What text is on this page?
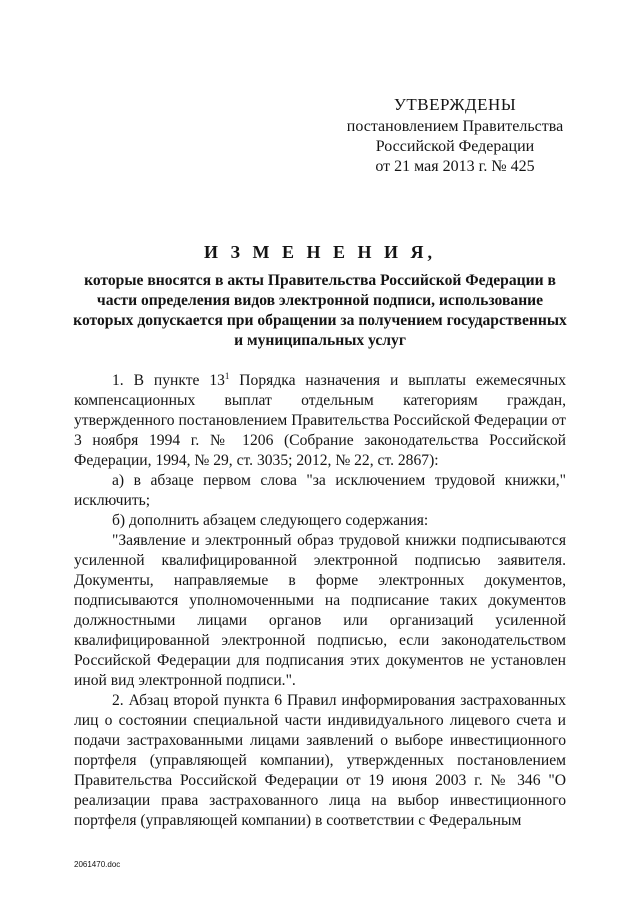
УТВЕРЖДЕНЫ
постановлением Правительства
Российской Федерации
от 21 мая 2013 г. № 425
И З М Е Н Е Н И Я,
которые вносятся в акты Правительства Российской Федерации в части определения видов электронной подписи, использование которых допускается при обращении за получением государственных и муниципальных услуг

1. В пункте $13^1$ Порядка назначения и выплаты ежемесячных компенсационных выплат отдельным категориям граждан, утвержденного постановлением Правительства Российской Федерации от 3 ноября 1994 г. № 1206 (Собрание законодательства Российской Федерации, 1994, № 29, ст. 3035; 2012, № 22, ст. 2867):

а) в абзаце первом слова "за исключением трудовой книжки," исключить;

б) дополнить абзацем следующего содержания:

"Заявление и электронный образ трудовой книжки подписываются усиленной квалифицированной электронной подписью заявителя. Документы, направляемые в форме электронных документов, подписываются уполномоченными на подписание таких документов должностными лицами органов или организаций усиленной квалифицированной электронной подписью, если законодательством Российской Федерации для подписания этих документов не установлен иной вид электронной подписи.".

2. Абзац второй пункта 6 Правил информирования застрахованных лиц о состоянии специальной части индивидуального лицевого счета и подачи застрахованными лицами заявлений о выборе инвестиционного портфеля (управляющей компании), утвержденных постановлением Правительства Российской Федерации от 19 июня 2003 г. № 346 "О реализации права застрахованного лица на выбор инвестиционного портфеля (управляющей компании) в соответствии с Федеральным

2061470.doc
